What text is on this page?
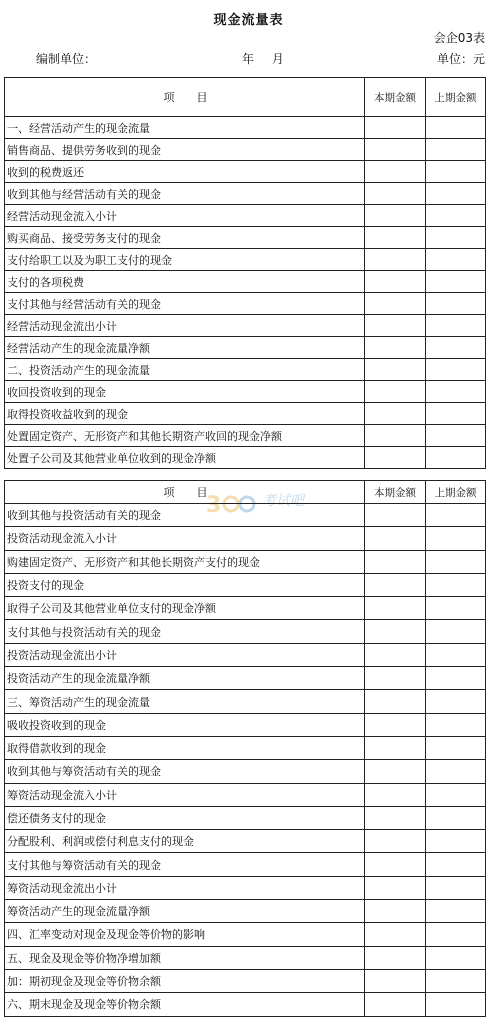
现金流量表
会企03表
编制单位：	年 月	单位：元
项　　目	本期金额	上期金额
一、经营活动产生的现金流量		
销售商品、提供劳务收到的现金		
收到的税费返还		
收到其他与经营活动有关的现金		
经营活动现金流入小计		
购买商品、接受劳务支付的现金		
支付给职工以及为职工支付的现金		
支付的各项税费		
支付其他与经营活动有关的现金		
经营活动现金流出小计		
经营活动产生的现金流量净额		
二、投资活动产生的现金流量		
收回投资收到的现金		
取得投资收益收到的现金		
处置固定资产、无形资产和其他长期资产收回的现金净额		
处置子公司及其他营业单位收到的现金净额		
3	考试吧
项　　目	本期金额	上期金额
收到其他与投资活动有关的现金		
投资活动现金流入小计		
购建固定资产、无形资产和其他长期资产支付的现金		
投资支付的现金		
取得子公司及其他营业单位支付的现金净额		
支付其他与投资活动有关的现金		
投资活动现金流出小计		
投资活动产生的现金流量净额		
三、筹资活动产生的现金流量		
吸收投资收到的现金		
取得借款收到的现金		
收到其他与筹资活动有关的现金		
筹资活动现金流入小计		
偿还债务支付的现金		
分配股利、利润或偿付利息支付的现金		
支付其他与筹资活动有关的现金		
筹资活动现金流出小计		
筹资活动产生的现金流量净额		
四、汇率变动对现金及现金等价物的影响		
五、现金及现金等价物净增加额		
加：期初现金及现金等价物余额		
六、期末现金及现金等价物余额		
